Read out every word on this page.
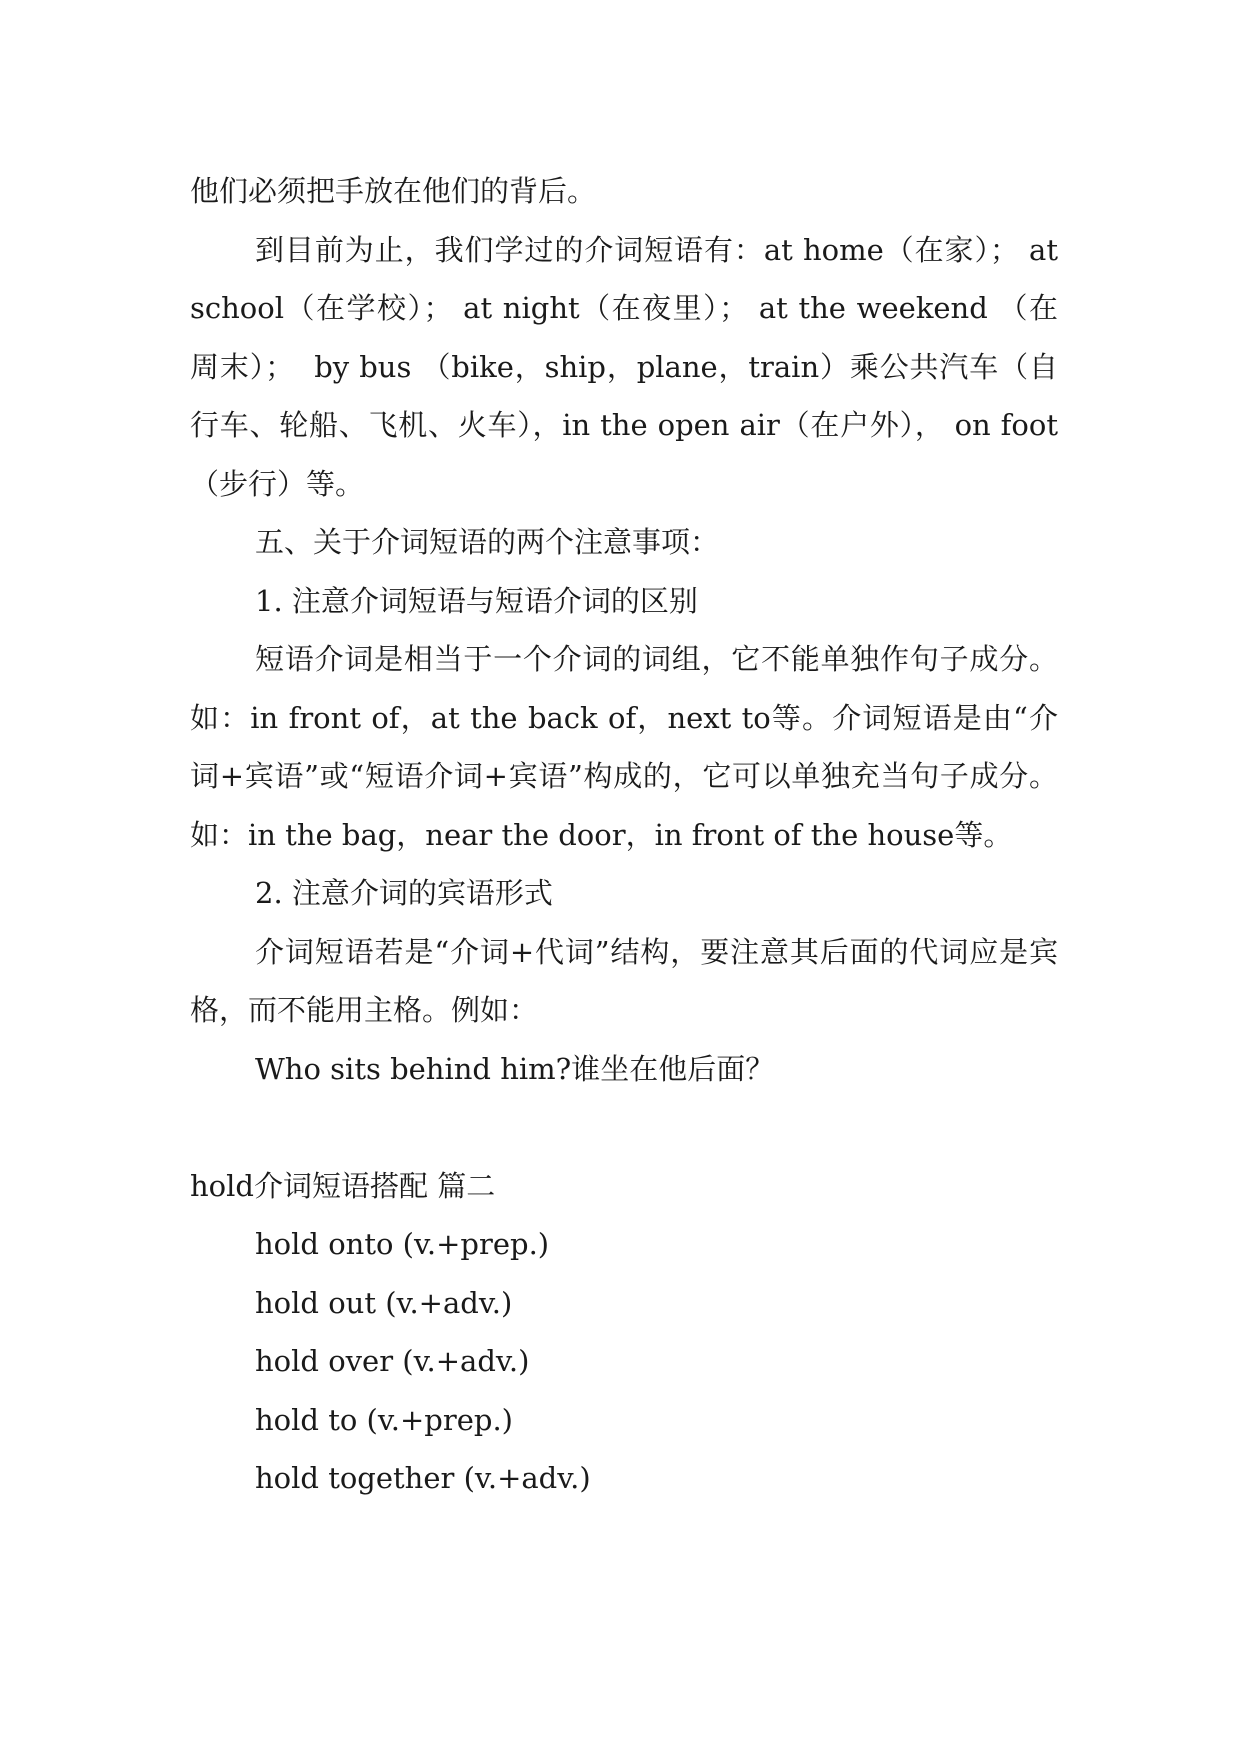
他们必须把手放在他们的背后。

到目前为止，我们学过的介词短语有：at home（在家）； at school（在学校）； at night（在夜里）； at the weekend （在周末）；  by bus （bike，ship，plane，train）乘公共汽车（自行车、轮船、飞机、火车），in the open air（在户外）， on foot（步行）等。

五、关于介词短语的两个注意事项：

1. 注意介词短语与短语介词的区别

短语介词是相当于一个介词的词组，它不能单独作句子成分。如：in front of，at the back of，next to等。介词短语是由“介词+宾语”或“短语介词+宾语”构成的，它可以单独充当句子成分。如：in the bag，near the door，in front of the house等。

2. 注意介词的宾语形式

介词短语若是“介词+代词”结构，要注意其后面的代词应是宾格，而不能用主格。例如：

Who sits behind him?谁坐在他后面？

hold介词短语搭配 篇二

hold onto (v.+prep.)

hold out (v.+adv.)

hold over (v.+adv.)

hold to (v.+prep.)

hold together (v.+adv.)
